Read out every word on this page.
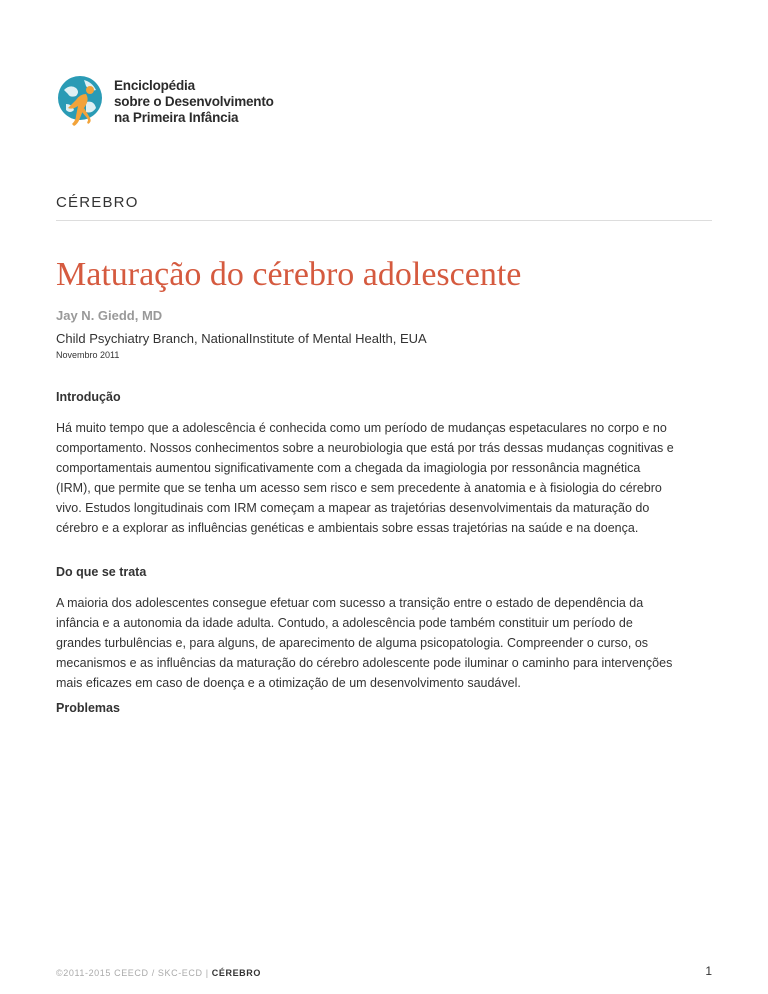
Enciclopédia
sobre o Desenvolvimento
na Primeira Infância
CÉREBRO
Maturação do cérebro adolescente
Jay N. Giedd, MD
Child Psychiatry Branch, NationalInstitute of Mental Health, EUA
Novembro 2011
Introdução
Há muito tempo que a adolescência é conhecida como um período de mudanças espetaculares no corpo e no
comportamento. Nossos conhecimentos sobre a neurobiologia que está por trás dessas mudanças cognitivas e
comportamentais aumentou significativamente com a chegada da imagiologia por ressonância magnética
(IRM), que permite que se tenha um acesso sem risco e sem precedente à anatomia e à fisiologia do cérebro
vivo. Estudos longitudinais com IRM começam a mapear as trajetórias desenvolvimentais da maturação do
cérebro e a explorar as influências genéticas e ambientais sobre essas trajetórias na saúde e na doença.
Do que se trata
A maioria dos adolescentes consegue efetuar com sucesso a transição entre o estado de dependência da
infância e a autonomia da idade adulta. Contudo, a adolescência pode também constituir um período de
grandes turbulências e, para alguns, de aparecimento de alguma psicopatologia. Compreender o curso, os
mecanismos e as influências da maturação do cérebro adolescente pode iluminar o caminho para intervenções
mais eficazes em caso de doença e a otimização de um desenvolvimento saudável.
Problemas
©2011-2015 CEECD / SKC-ECD | CÉREBRO	1
